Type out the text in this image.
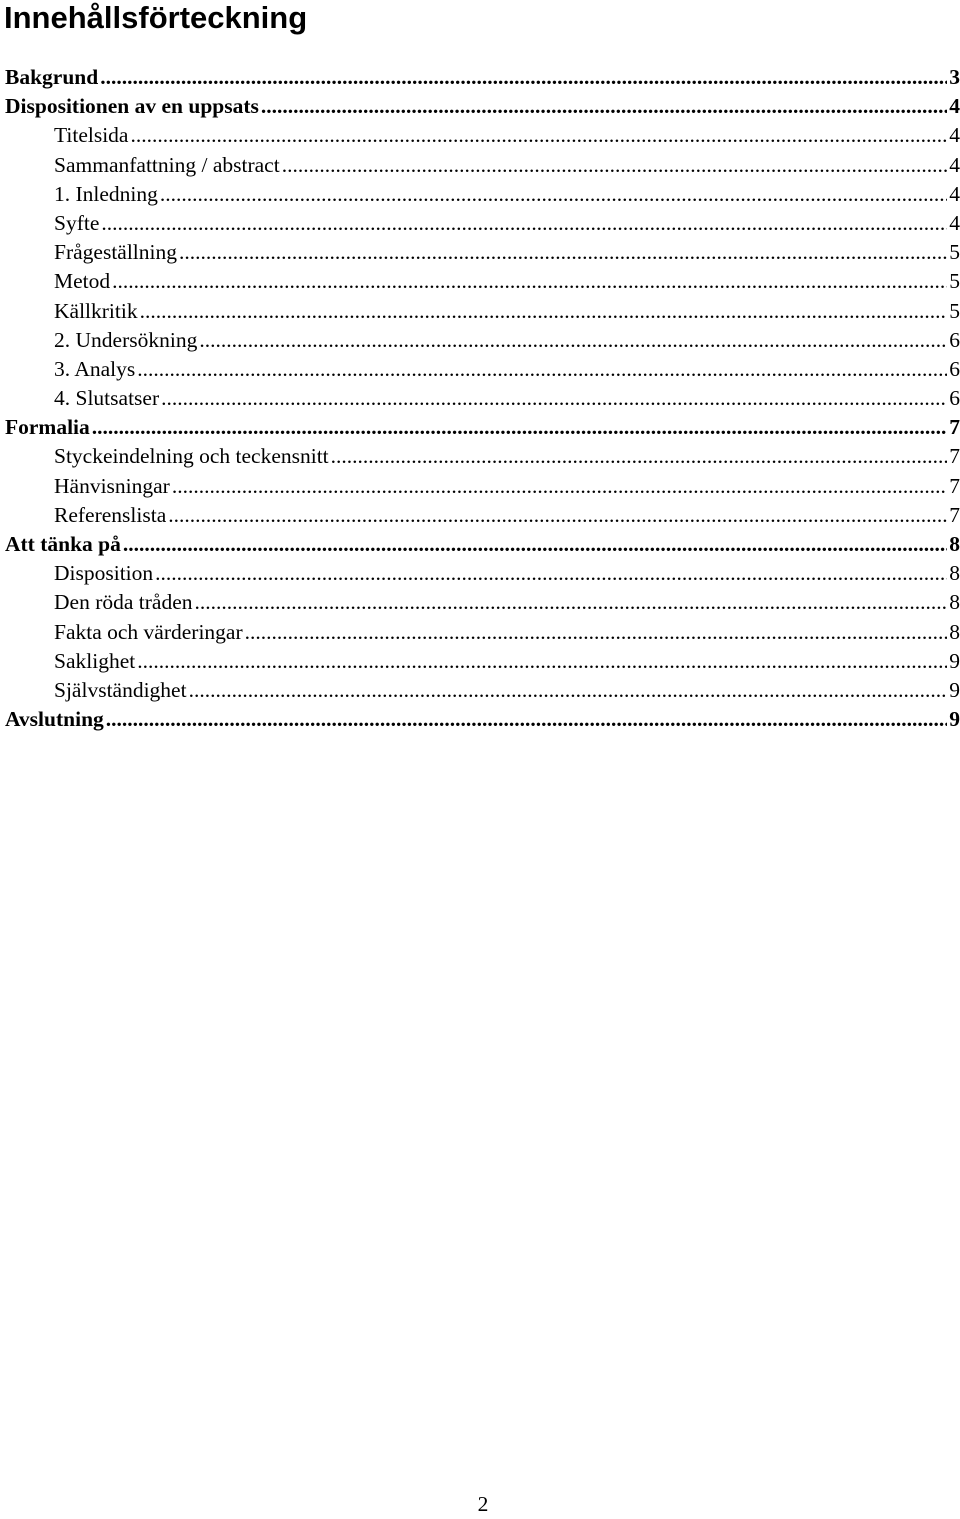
Innehållsförteckning
Bakgrund .....	3
Dispositionen av en uppsats .....	4
Titelsida .....	4
Sammanfattning / abstract .....	4
1. Inledning .....	4
Syfte .....	4
Frågeställning .....	5
Metod .....	5
Källkritik .....	5
2. Undersökning .....	6
3. Analys .....	6
4. Slutsatser .....	6
Formalia .....	7
Styckeindelning och teckensnitt .....	7
Hänvisningar .....	7
Referenslista .....	7
Att tänka på .....	8
Disposition .....	8
Den röda tråden .....	8
Fakta och värderingar .....	8
Saklighet .....	9
Självständighet .....	9
Avslutning .....	9
2
